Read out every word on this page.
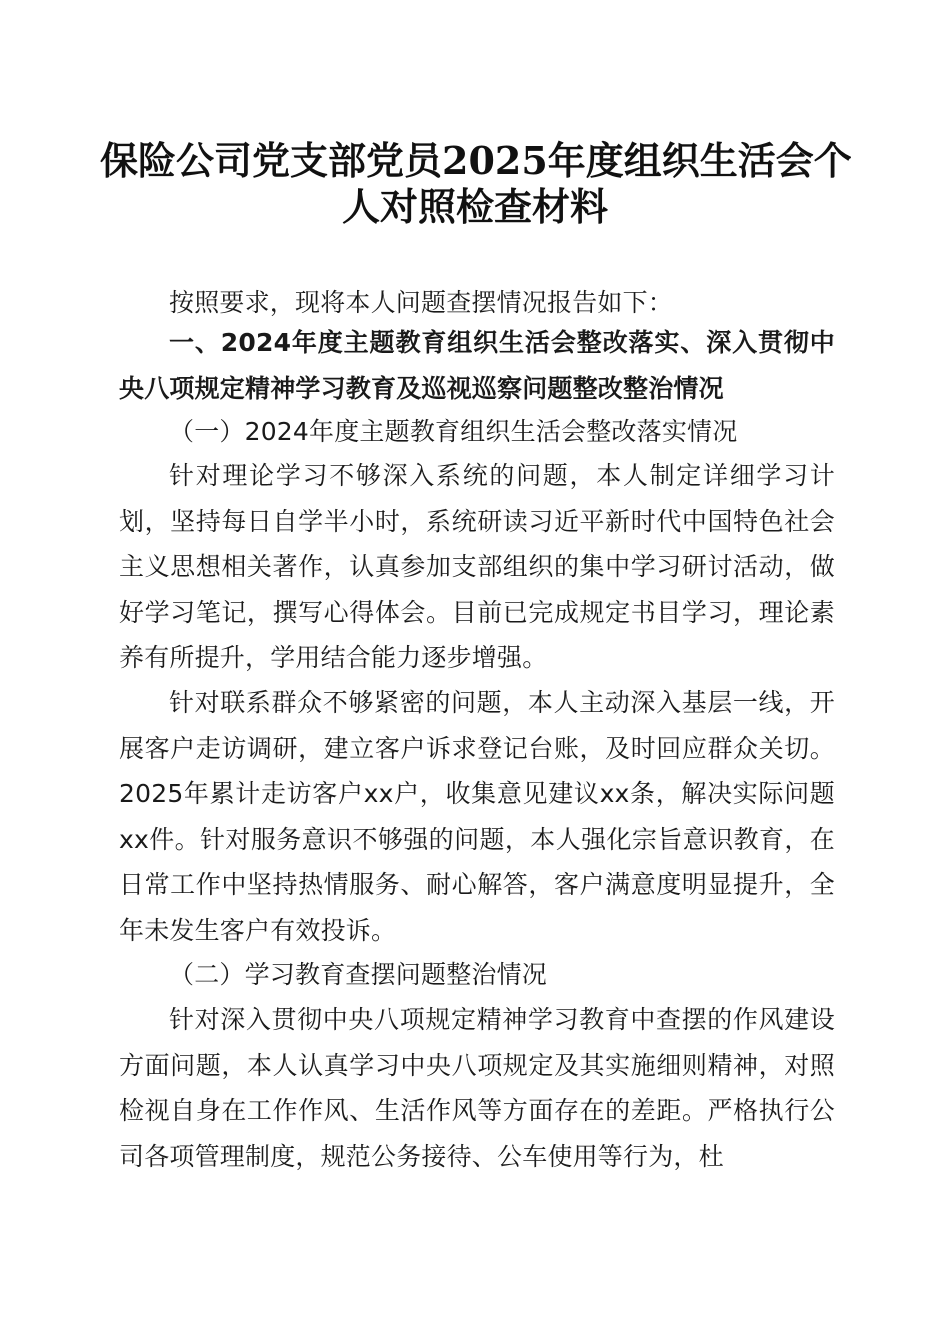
保险公司党支部党员2025年度组织生活会个
人对照检查材料

按照要求，现将本人问题查摆情况报告如下：

一、2024年度主题教育组织生活会整改落实、深入贯彻中央八项规定精神学习教育及巡视巡察问题整改整治情况

（一）2024年度主题教育组织生活会整改落实情况

针对理论学习不够深入系统的问题，本人制定详细学习计划，坚持每日自学半小时，系统研读习近平新时代中国特色社会主义思想相关著作，认真参加支部组织的集中学习研讨活动，做好学习笔记，撰写心得体会。目前已完成规定书目学习，理论素养有所提升，学用结合能力逐步增强。

针对联系群众不够紧密的问题，本人主动深入基层一线，开展客户走访调研，建立客户诉求登记台账，及时回应群众关切。2025年累计走访客户xx户，收集意见建议xx条，解决实际问题xx件。针对服务意识不够强的问题，本人强化宗旨意识教育，在日常工作中坚持热情服务、耐心解答，客户满意度明显提升，全年未发生客户有效投诉。

（二）学习教育查摆问题整治情况

针对深入贯彻中央八项规定精神学习教育中查摆的作风建设方面问题，本人认真学习中央八项规定及其实施细则精神，对照检视自身在工作作风、生活作风等方面存在的差距。严格执行公司各项管理制度，规范公务接待、公车使用等行为，杜
